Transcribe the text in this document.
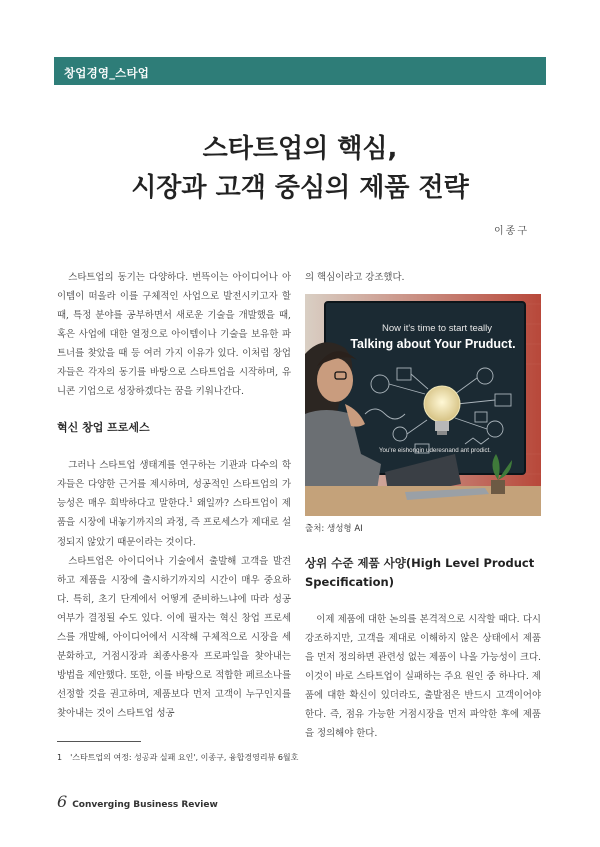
창업경영_스타업
스타트업의 핵심,
시장과 고객 중심의 제품 전략
이종구

스타트업의 동기는 다양하다. 번뜩이는 아이디어나 아이템이 떠올라 이를 구체적인 사업으로 발전시키고자 할 때, 특정 분야를 공부하면서 새로운 기술을 개발했을 때, 혹은 사업에 대한 열정으로 아이템이나 기술을 보유한 파트너를 찾았을 때 등 여러 가지 이유가 있다. 이처럼 창업자들은 각자의 동기를 바탕으로 스타트업을 시작하며, 유니콘 기업으로 성장하겠다는 꿈을 키워나간다.

혁신 창업 프로세스

그러나 스타트업 생태계를 연구하는 기관과 다수의 학자들은 다양한 근거를 제시하며, 성공적인 스타트업의 가능성은 매우 희박하다고 말한다.$^1$ 왜일까? 스타트업이 제품을 시장에 내놓기까지의 과정, 즉 프로세스가 제대로 설정되지 않았기 때문이라는 것이다.

스타트업은 아이디어나 기술에서 출발해 고객을 발견하고 제품을 시장에 출시하기까지의 시간이 매우 중요하다. 특히, 초기 단계에서 어떻게 준비하느냐에 따라 성공 여부가 결정될 수도 있다. 이에 필자는 혁신 창업 프로세스를 개발해, 아이디어에서 시작해 구체적으로 시장을 세분화하고, 거점시장과 최종사용자 프로파일을 찾아내는 방법을 제안했다. 또한, 이를 바탕으로 적합한 페르소나를 선정할 것을 권고하며, 제품보다 먼저 고객이 누구인지를 찾아내는 것이 스타트업 성공

의 핵심이라고 강조했다.

Now it's time to start teally
Talking about Your Pruduct.
You're eishonqin uderesnand ant prodict.
출처: 생성형 AI
상위 수준 제품 사양(High Level Product Specification)

이제 제품에 대한 논의를 본격적으로 시작할 때다. 다시 강조하지만, 고객을 제대로 이해하지 않은 상태에서 제품을 먼저 정의하면 관련성 없는 제품이 나올 가능성이 크다. 이것이 바로 스타트업이 실패하는 주요 원인 중 하나다. 제품에 대한 확신이 있더라도, 출발점은 반드시 고객이어야 한다. 즉, 점유 가능한 거점시장을 먼저 파악한 후에 제품을 정의해야 한다.

1 '스타트업의 여정: 성공과 실패 요인', 이종구, 융합경영리뷰 6월호
6 Converging Business Review
